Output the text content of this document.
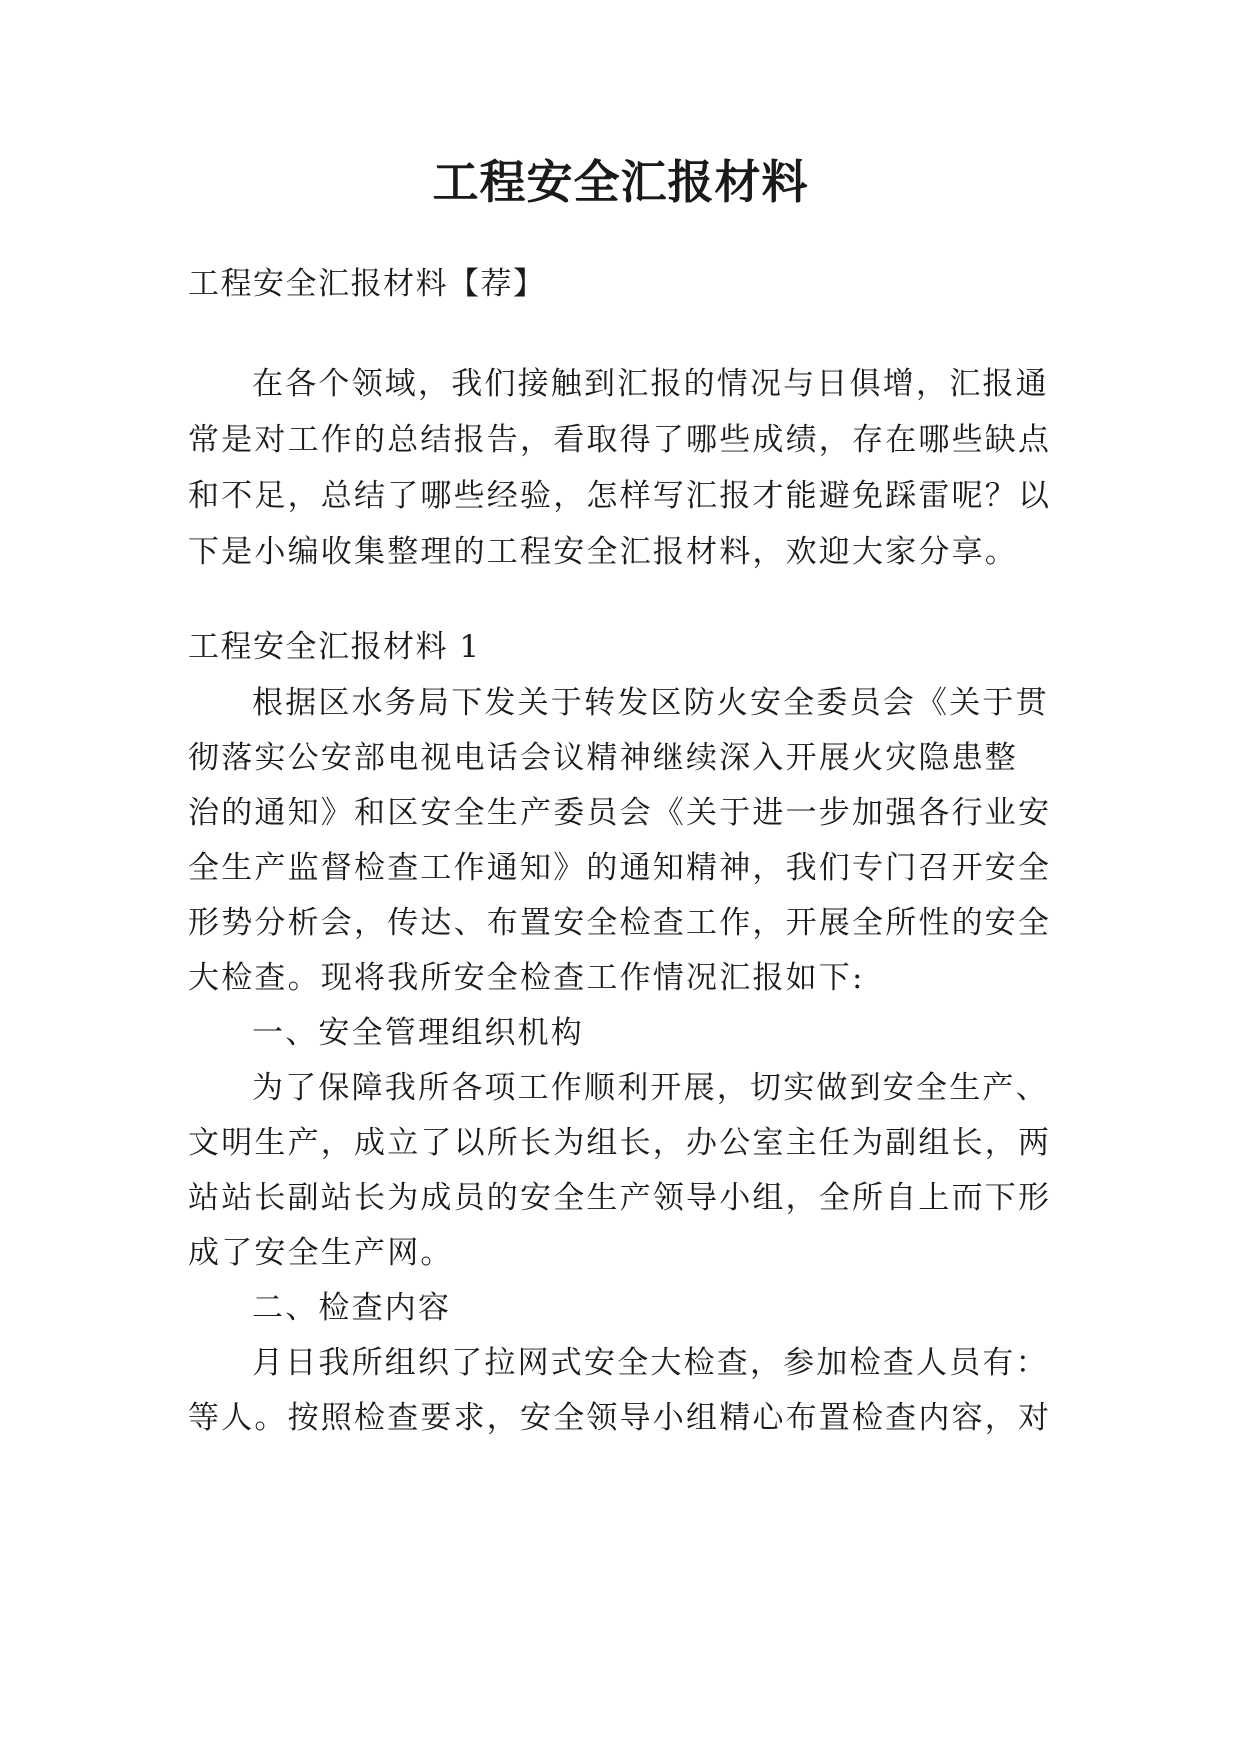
工程安全汇报材料
工程安全汇报材料【荐】
在各个领域，我们接触到汇报的情况与日俱增，汇报通
常是对工作的总结报告，看取得了哪些成绩，存在哪些缺点
和不足，总结了哪些经验，怎样写汇报才能避免踩雷呢？以
下是小编收集整理的工程安全汇报材料，欢迎大家分享。
工程安全汇报材料 1
根据区水务局下发关于转发区防火安全委员会《关于贯
彻落实公安部电视电话会议精神继续深入开展火灾隐患整
治的通知》和区安全生产委员会《关于进一步加强各行业安
全生产监督检查工作通知》的通知精神，我们专门召开安全
形势分析会，传达、布置安全检查工作，开展全所性的安全
大检查。现将我所安全检查工作情况汇报如下:
一、安全管理组织机构
为了保障我所各项工作顺利开展，切实做到安全生产、
文明生产，成立了以所长为组长，办公室主任为副组长，两
站站长副站长为成员的安全生产领导小组，全所自上而下形
成了安全生产网。
二、检查内容
月日我所组织了拉网式安全大检查，参加检查人员有：
等人。按照检查要求，安全领导小组精心布置检查内容，对
